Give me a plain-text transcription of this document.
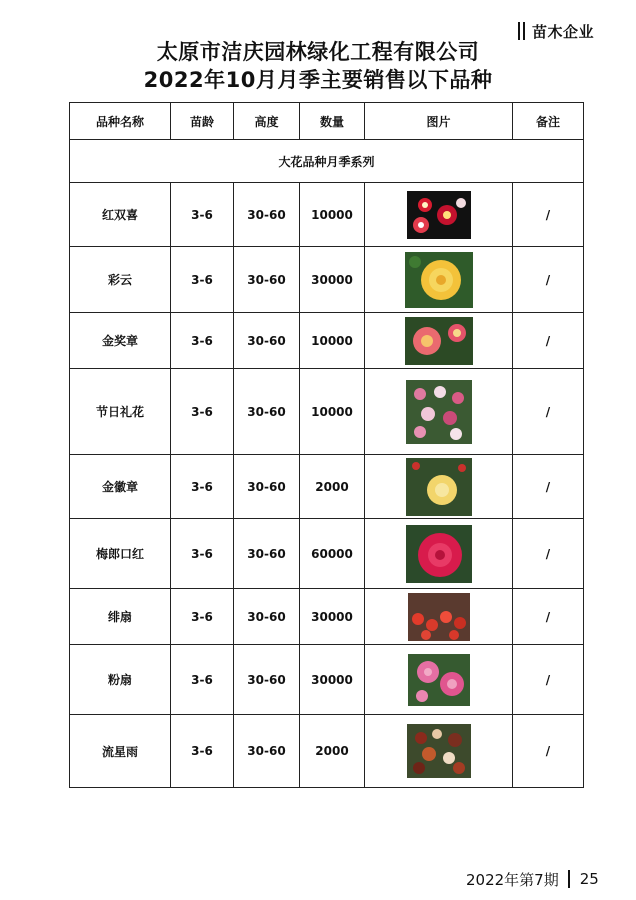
苗木企业
太原市洁庆园林绿化工程有限公司
2022年10月月季主要销售以下品种
品种名称	苗龄	高度	数量	图片	备注
大花品种月季系列					
红双喜	3-6	30-60	10000		/
彩云	3-6	30-60	30000		/
金奖章	3-6	30-60	10000		/
节日礼花	3-6	30-60	10000		/
金徽章	3-6	30-60	2000		/
梅郎口红	3-6	30-60	60000		/
绯扇	3-6	30-60	30000		/
粉扇	3-6	30-60	30000		/
流星雨	3-6	30-60	2000		/
2022年第7期 25
